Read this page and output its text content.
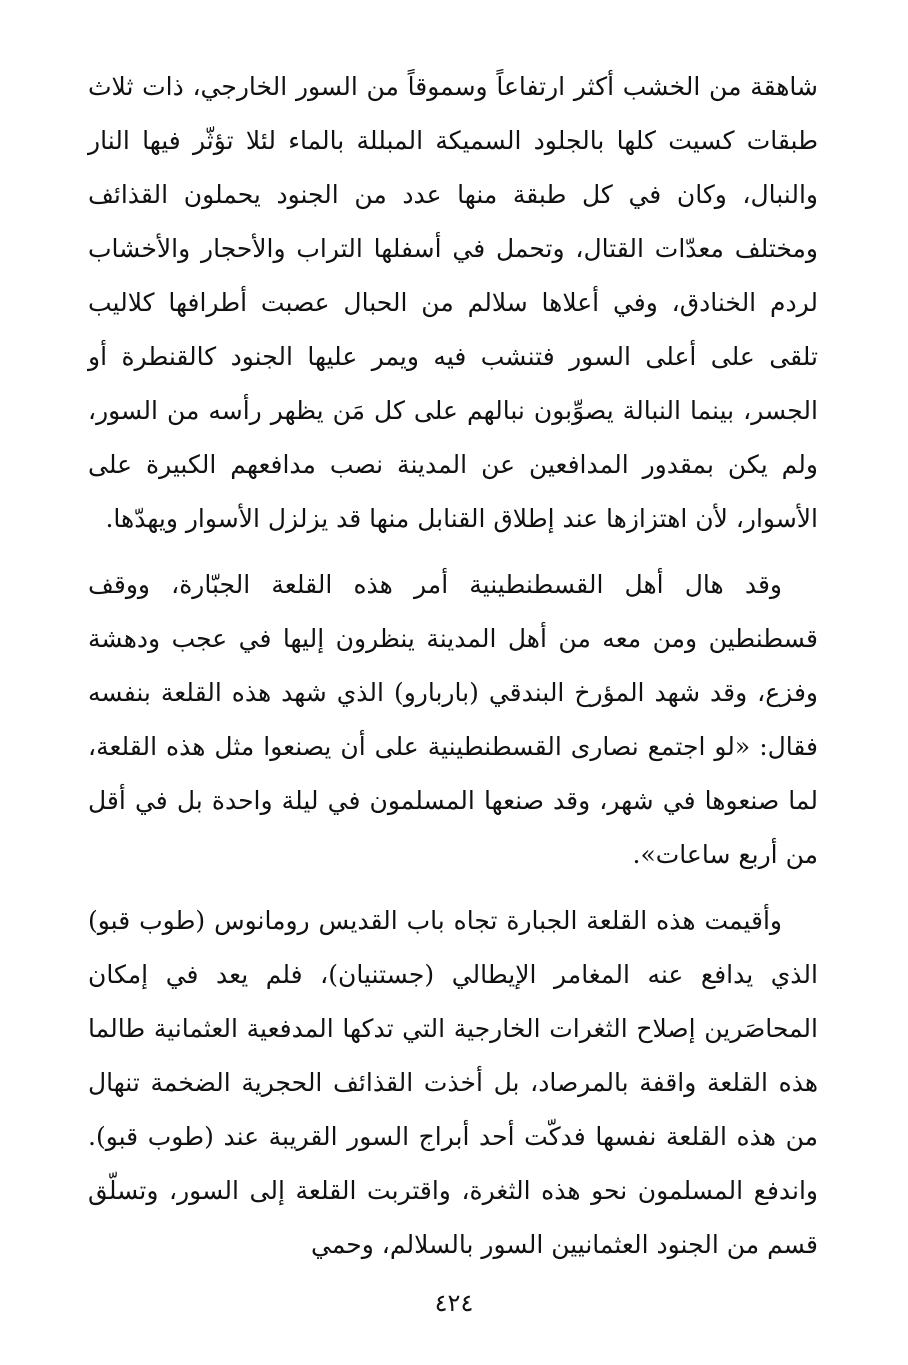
شاهقة من الخشب أكثر ارتفاعاً وسموقاً من السور الخارجي، ذات ثلاث طبقات كسيت كلها بالجلود السميكة المبللة بالماء لئلا تؤثّر فيها النار والنبال، وكان في كل طبقة منها عدد من الجنود يحملون القذائف ومختلف معدّات القتال، وتحمل في أسفلها التراب والأحجار والأخشاب لردم الخنادق، وفي أعلاها سلالم من الحبال عصبت أطرافها كلاليب تلقى على أعلى السور فتنشب فيه ويمر عليها الجنود كالقنطرة أو الجسر، بينما النبالة يصوِّبون نبالهم على كل مَن يظهر رأسه من السور، ولم يكن بمقدور المدافعين عن المدينة نصب مدافعهم الكبيرة على الأسوار، لأن اهتزازها عند إطلاق القنابل منها قد يزلزل الأسوار ويهدّها.

وقد هال أهل القسطنطينية أمر هذه القلعة الجبّارة، ووقف قسطنطين ومن معه من أهل المدينة ينظرون إليها في عجب ودهشة وفزع، وقد شهد المؤرخ البندقي (باربارو) الذي شهد هذه القلعة بنفسه فقال: «لو اجتمع نصارى القسطنطينية على أن يصنعوا مثل هذه القلعة، لما صنعوها في شهر، وقد صنعها المسلمون في ليلة واحدة بل في أقل من أربع ساعات».

وأقيمت هذه القلعة الجبارة تجاه باب القديس رومانوس (طوب قبو) الذي يدافع عنه المغامر الإيطالي (جستنيان)، فلم يعد في إمكان المحاصَرين إصلاح الثغرات الخارجية التي تدكها المدفعية العثمانية طالما هذه القلعة واقفة بالمرصاد، بل أخذت القذائف الحجرية الضخمة تنهال من هذه القلعة نفسها فدكّت أحد أبراج السور القريبة عند (طوب قبو). واندفع المسلمون نحو هذه الثغرة، واقتربت القلعة إلى السور، وتسلّق قسم من الجنود العثمانيين السور بالسلالم، وحمي

٤٢٤
